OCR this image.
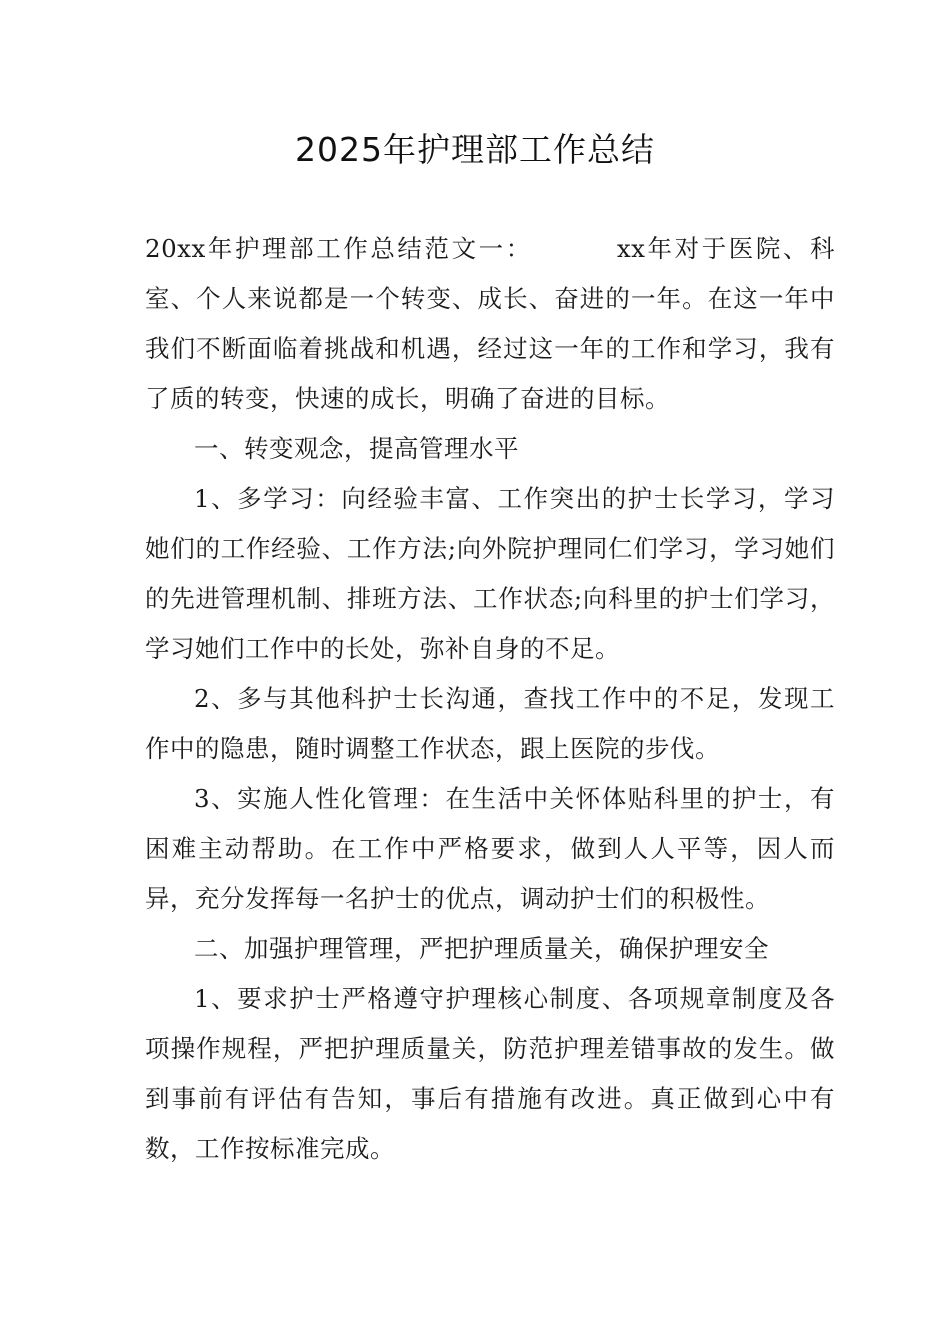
2025年护理部工作总结

20xx年护理部工作总结范文一：	xx年对于医院、科室、个人来说都是一个转变、成长、奋进的一年。在这一年中我们不断面临着挑战和机遇，经过这一年的工作和学习，我有了质的转变，快速的成长，明确了奋进的目标。

一、转变观念，提高管理水平

1、多学习：向经验丰富、工作突出的护士长学习，学习她们的工作经验、工作方法;向外院护理同仁们学习，学习她们的先进管理机制、排班方法、工作状态;向科里的护士们学习，学习她们工作中的长处，弥补自身的不足。

2、多与其他科护士长沟通，查找工作中的不足，发现工作中的隐患，随时调整工作状态，跟上医院的步伐。

3、实施人性化管理：在生活中关怀体贴科里的护士，有困难主动帮助。在工作中严格要求，做到人人平等，因人而异，充分发挥每一名护士的优点，调动护士们的积极性。

二、加强护理管理，严把护理质量关，确保护理安全

1、要求护士严格遵守护理核心制度、各项规章制度及各项操作规程，严把护理质量关，防范护理差错事故的发生。做到事前有评估有告知，事后有措施有改进。真正做到心中有数，工作按标准完成。
